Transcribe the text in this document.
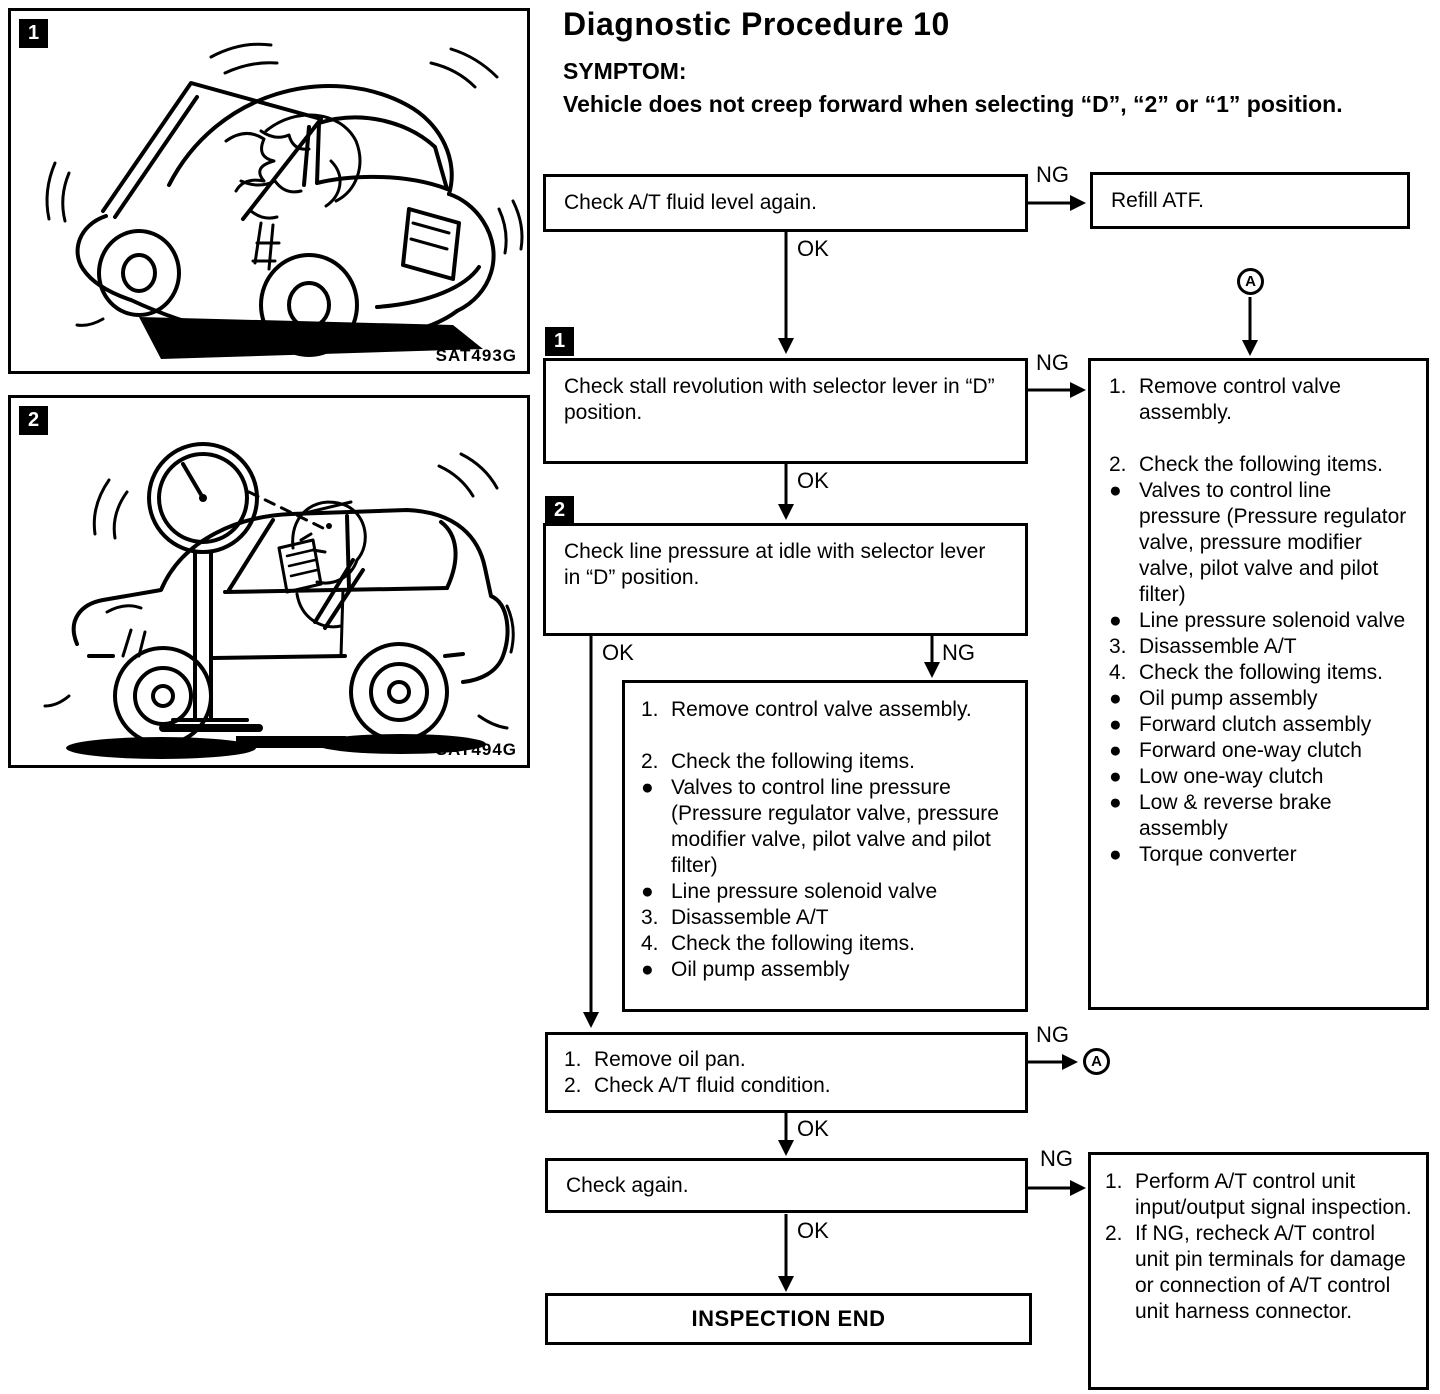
1
SAT493G
2
SAT494G
Diagnostic Procedure 10
SYMPTOM:
Vehicle does not creep forward when selecting “D”, “2” or “1” position.
Check A/T fluid level again.	Refill ATF.
A
1
Check stall revolution with selector lever in “D” position.
1. Remove control valve assembly.
2. Check the following items.
● Valves to control line pressure (Pressure regulator valve, pressure modifier valve, pilot valve and pilot filter)
● Line pressure solenoid valve
3. Disassemble A/T
4. Check the following items.
● Oil pump assembly
● Forward clutch assembly
● Forward one-way clutch
● Low one-way clutch
● Low & reverse brake assembly
● Torque converter
2
Check line pressure at idle with selector lever in “D” position.
1. Remove control valve assembly.
2. Check the following items.
● Valves to control line pressure (Pressure regulator valve, pressure modifier valve, pilot valve and pilot filter)
● Line pressure solenoid valve
3. Disassemble A/T
4. Check the following items.
● Oil pump assembly
1. Remove oil pan.
2. Check A/T fluid condition.
A
Check again.	1. Perform A/T control unit input/output signal inspection.
2. If NG, recheck A/T control unit pin terminals for damage or connection of A/T control unit harness connector.
INSPECTION END
NG
OK
NG
OK
OK	NG
NG
OK
NG
OK
